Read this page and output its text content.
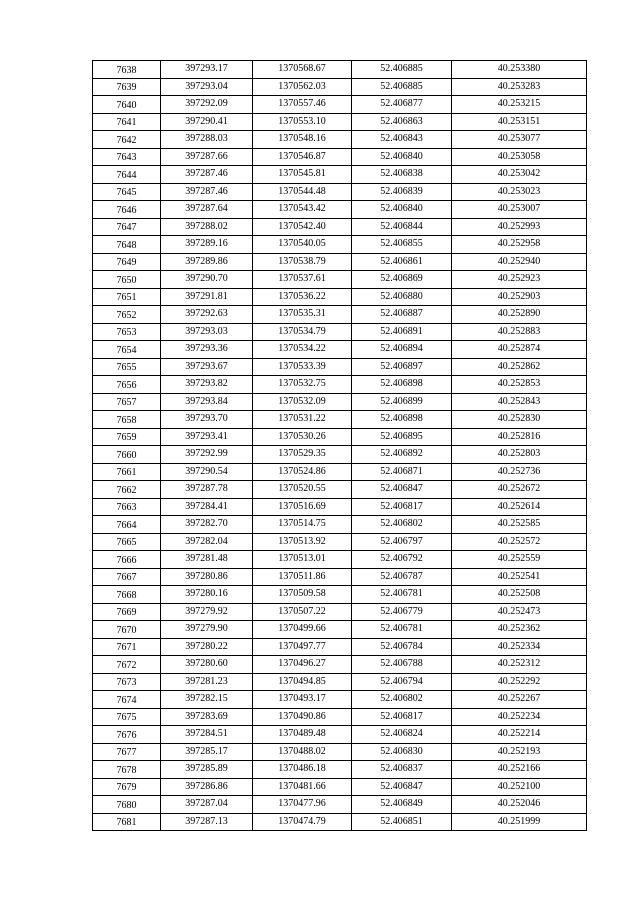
7638	397293.17	1370568.67	52.406885	40.253380
7639	397293.04	1370562.03	52.406885	40.253283
7640	397292.09	1370557.46	52.406877	40.253215
7641	397290.41	1370553.10	52.406863	40.253151
7642	397288.03	1370548.16	52.406843	40.253077
7643	397287.66	1370546.87	52.406840	40.253058
7644	397287.46	1370545.81	52.406838	40.253042
7645	397287.46	1370544.48	52.406839	40.253023
7646	397287.64	1370543.42	52.406840	40.253007
7647	397288.02	1370542.40	52.406844	40.252993
7648	397289.16	1370540.05	52.406855	40.252958
7649	397289.86	1370538.79	52.406861	40.252940
7650	397290.70	1370537.61	52.406869	40.252923
7651	397291.81	1370536.22	52.406880	40.252903
7652	397292.63	1370535.31	52.406887	40.252890
7653	397293.03	1370534.79	52.406891	40.252883
7654	397293.36	1370534.22	52.406894	40.252874
7655	397293.67	1370533.39	52.406897	40.252862
7656	397293.82	1370532.75	52.406898	40.252853
7657	397293.84	1370532.09	52.406899	40.252843
7658	397293.70	1370531.22	52.406898	40.252830
7659	397293.41	1370530.26	52.406895	40.252816
7660	397292.99	1370529.35	52.406892	40.252803
7661	397290.54	1370524.86	52.406871	40.252736
7662	397287.78	1370520.55	52.406847	40.252672
7663	397284.41	1370516.69	52.406817	40.252614
7664	397282.70	1370514.75	52.406802	40.252585
7665	397282.04	1370513.92	52.406797	40.252572
7666	397281.48	1370513.01	52.406792	40.252559
7667	397280.86	1370511.86	52.406787	40.252541
7668	397280.16	1370509.58	52.406781	40.252508
7669	397279.92	1370507.22	52.406779	40.252473
7670	397279.90	1370499.66	52.406781	40.252362
7671	397280.22	1370497.77	52.406784	40.252334
7672	397280.60	1370496.27	52.406788	40.252312
7673	397281.23	1370494.85	52.406794	40.252292
7674	397282.15	1370493.17	52.406802	40.252267
7675	397283.69	1370490.86	52.406817	40.252234
7676	397284.51	1370489.48	52.406824	40.252214
7677	397285.17	1370488.02	52.406830	40.252193
7678	397285.89	1370486.18	52.406837	40.252166
7679	397286.86	1370481.66	52.406847	40.252100
7680	397287.04	1370477.96	52.406849	40.252046
7681	397287.13	1370474.79	52.406851	40.251999
